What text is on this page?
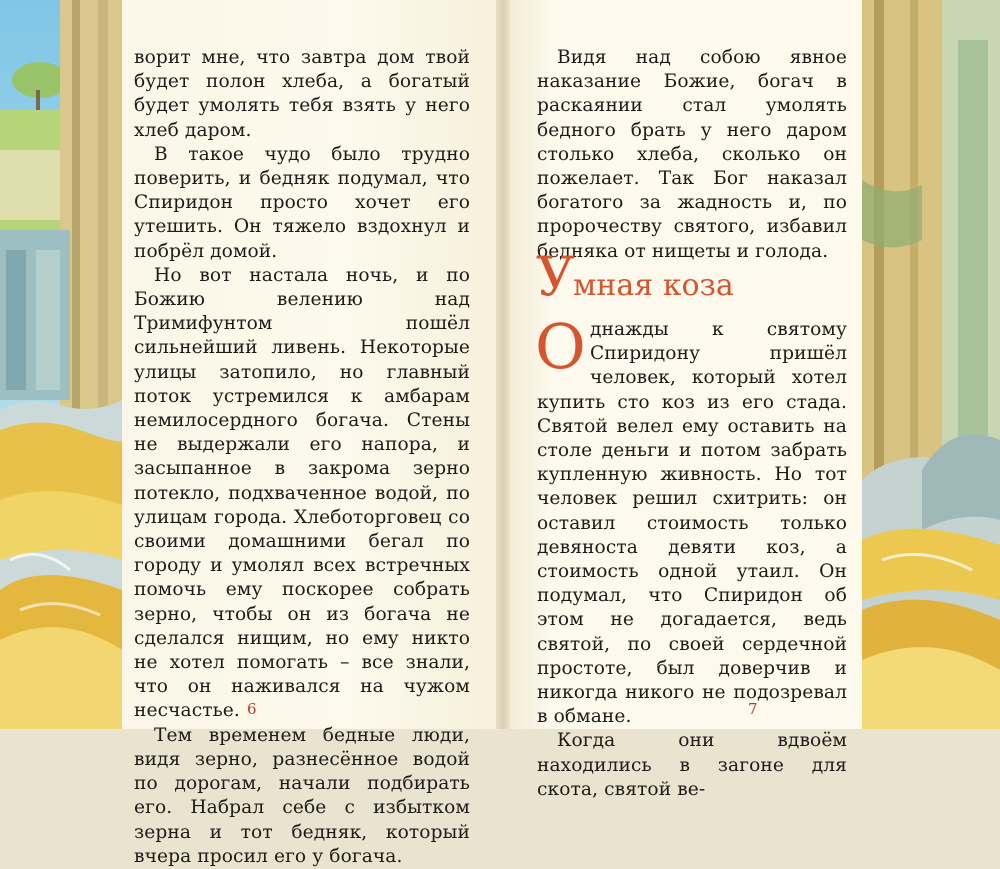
ворит мне, что завтра дом твой будет полон хлеба, а богатый будет умолять тебя взять у него хлеб даром.

В такое чудо было трудно поверить, и бедняк подумал, что Спиридон просто хочет его утешить. Он тяжело вздохнул и побрёл домой.

Но вот настала ночь, и по Божию велению над Тримифунтом пошёл сильнейший ливень. Некоторые улицы затопило, но главный поток устремился к амбарам немилосердного богача. Стены не выдержали его напора, и засыпанное в закрома зерно потекло, подхваченное водой, по улицам города. Хлеботорговец со своими домашними бегал по городу и умолял всех встречных помочь ему поскорее собрать зерно, чтобы он из богача не сделался нищим, но ему никто не хотел помогать – все знали, что он наживался на чужом несчастье.

Тем временем бедные люди, видя зерно, разнесённое водой по дорогам, начали подбирать его. Набрал себе с избытком зерна и тот бедняк, который вчера просил его у богача.

6

Видя над собою явное наказание Божие, богач в раскаянии стал умолять бедного брать у него даром столько хлеба, сколько он пожелает. Так Бог наказал богатого за жадность и, по пророчеству святого, избавил бедняка от нищеты и голода.

Умная коза

Однажды к святому Спиридону пришёл человек, который хотел купить сто коз из его стада. Святой велел ему оставить на столе деньги и потом забрать купленную живность. Но тот человек решил схитрить: он оставил стоимость только девяноста девяти коз, а стоимость одной утаил. Он подумал, что Спиридон об этом не догадается, ведь святой, по своей сердечной простоте, был доверчив и никогда никого не подозревал в обмане.

Когда они вдвоём находились в загоне для скота, святой ве-

7
